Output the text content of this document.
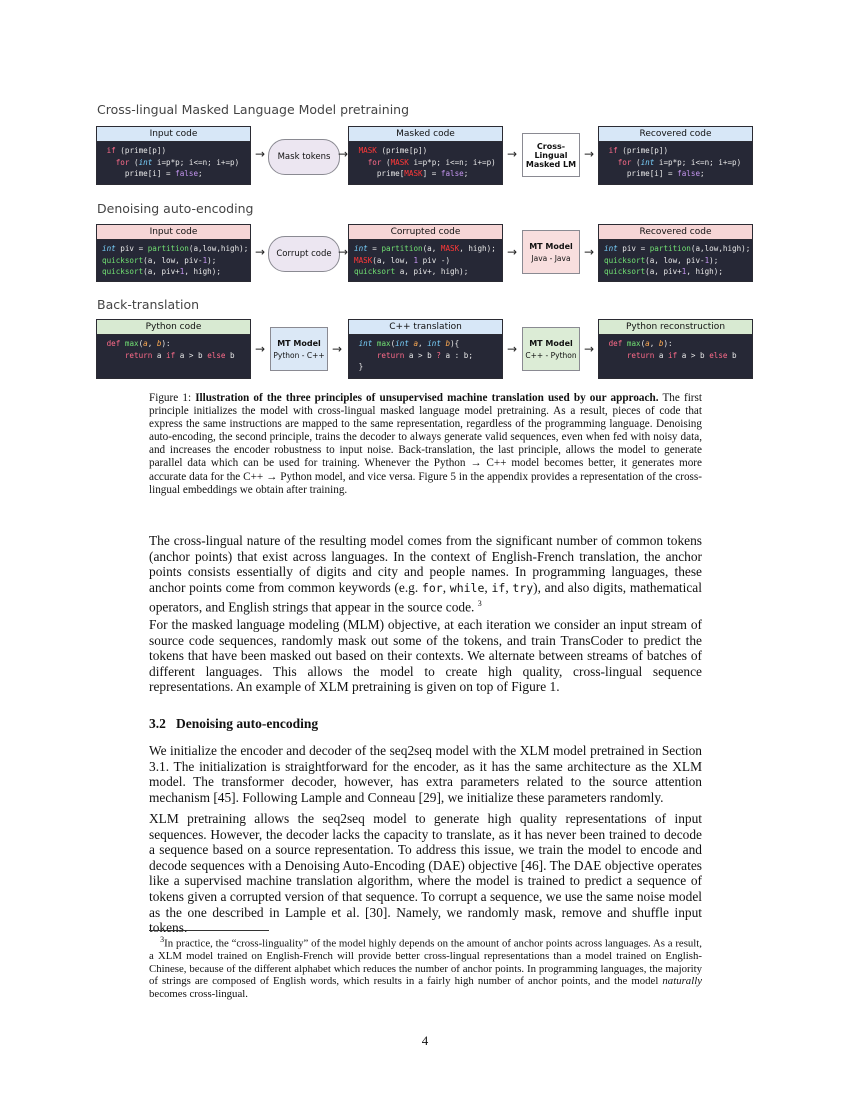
Cross-lingual Masked Language Model pretraining
Denoising auto-encoding
Back-translation
Input code
if (prime[p])
for (int i=p*p; i<=n; i+=p)
prime[i] = false;
→	Mask tokens →
Masked code
MASK (prime[p])
for (MASK i=p*p; i<=n; i+=p)
prime[MASK] = false;
→
Cross-Lingual
Masked LM
→
Recovered code
if (prime[p])
for (int i=p*p; i<=n; i+=p)
prime[i] = false;
Input code
int piv = partition(a,low,high);
quicksort(a, low, piv-1);
quicksort(a, piv+1, high);
→	Corrupt code →
Corrupted code
int = partition(a, MASK, high);
MASK(a, low, 1 piv -)
quicksort a, piv+, high);
→ MT Model
Java - Java →
Recovered code
int piv = partition(a,low,high);
quicksort(a, low, piv-1);
quicksort(a, piv+1, high);
Python code
def max(a, b):
return a if a > b else b	→ MT Model
Python - C++ →
C++ translation
int max(int a, int b){
return a > b ? a : b;
}
→ MT Model
C++ - Python →
Python reconstruction
def max(a, b):
return a if a > b else b
Figure 1: Illustration of the three principles of unsupervised machine translation used by our approach. The first principle initializes the model with cross-lingual masked language model pretraining. As a result, pieces of code that express the same instructions are mapped to the same representation, regardless of the programming language. Denoising auto-encoding, the second principle, trains the decoder to always generate valid sequences, even when fed with noisy data, and increases the encoder robustness to input noise. Back-translation, the last principle, allows the model to generate parallel data which can be used for training. Whenever the Python → C++ model becomes better, it generates more accurate data for the C++ → Python model, and vice versa. Figure 5 in the appendix provides a representation of the cross-lingual embeddings we obtain after training.
The cross-lingual nature of the resulting model comes from the significant number of common tokens (anchor points) that exist across languages. In the context of English-French translation, the anchor points consists essentially of digits and city and people names. In programming languages, these anchor points come from common keywords (e.g. for, while, if, try), and also digits, mathematical operators, and English strings that appear in the source code. $^3$
For the masked language modeling (MLM) objective, at each iteration we consider an input stream of source code sequences, randomly mask out some of the tokens, and train TransCoder to predict the tokens that have been masked out based on their contexts. We alternate between streams of batches of different languages. This allows the model to create high quality, cross-lingual sequence representations. An example of XLM pretraining is given on top of Figure 1.
3.2 Denoising auto-encoding
We initialize the encoder and decoder of the seq2seq model with the XLM model pretrained in Section 3.1. The initialization is straightforward for the encoder, as it has the same architecture as the XLM model. The transformer decoder, however, has extra parameters related to the source attention mechanism [45]. Following Lample and Conneau [29], we initialize these parameters randomly.
XLM pretraining allows the seq2seq model to generate high quality representations of input sequences. However, the decoder lacks the capacity to translate, as it has never been trained to decode a sequence based on a source representation. To address this issue, we train the model to encode and decode sequences with a Denoising Auto-Encoding (DAE) objective [46]. The DAE objective operates like a supervised machine translation algorithm, where the model is trained to predict a sequence of tokens given a corrupted version of that sequence. To corrupt a sequence, we use the same noise model as the one described in Lample et al. [30]. Namely, we randomly mask, remove and shuffle input tokens.
$^3$In practice, the “cross-linguality” of the model highly depends on the amount of anchor points across languages. As a result, a XLM model trained on English-French will provide better cross-lingual representations than a model trained on English-Chinese, because of the different alphabet which reduces the number of anchor points. In programming languages, the majority of strings are composed of English words, which results in a fairly high number of anchor points, and the model naturally becomes cross-lingual.
4
